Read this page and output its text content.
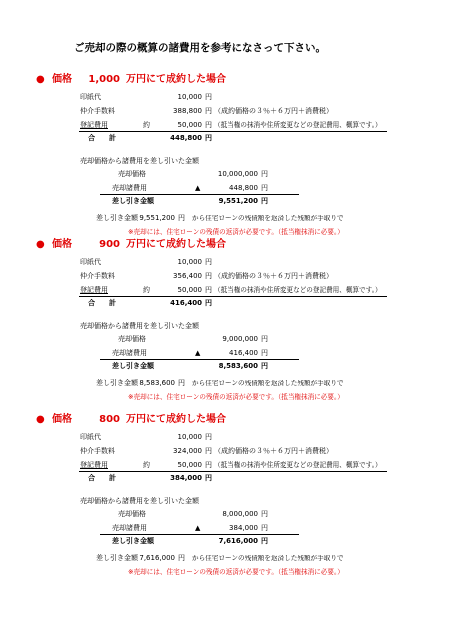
ご売却の際の概算の諸費用を参考になさって下さい。
● 価格	1,000 万円にて成約した場合
印紙代	10,000 円
仲介手数料	388,800 円 （成約価格の３％＋６万円＋消費税）
登記費用	約	50,000 円 （抵当権の抹消や住所変更などの登記費用、概算です。）
合　　計	448,800 円
売却価格から諸費用を差し引いた金額
売却価格	10,000,000 円
売却諸費用	▲	448,800 円
差し引き金額	9,551,200 円
差し引き金額 9,551,200 円 から住宅ローンの残債額を返済した残額が手取りで
※売却には、住宅ローンの残債の返済が必要です。（抵当権抹消に必要。）
● 価格	900 万円にて成約した場合
印紙代	10,000 円
仲介手数料	356,400 円 （成約価格の３％＋６万円＋消費税）
登記費用	約	50,000 円 （抵当権の抹消や住所変更などの登記費用、概算です。）
合　　計	416,400 円
売却価格から諸費用を差し引いた金額
売却価格	9,000,000 円
売却諸費用	▲	416,400 円
差し引き金額	8,583,600 円
差し引き金額 8,583,600 円 から住宅ローンの残債額を返済した残額が手取りで
※売却には、住宅ローンの残債の返済が必要です。（抵当権抹消に必要。）
● 価格	800 万円にて成約した場合
印紙代	10,000 円
仲介手数料	324,000 円 （成約価格の３％＋６万円＋消費税）
登記費用	約	50,000 円 （抵当権の抹消や住所変更などの登記費用、概算です。）
合　　計	384,000 円
売却価格から諸費用を差し引いた金額
売却価格	8,000,000 円
売却諸費用	▲	384,000 円
差し引き金額	7,616,000 円
差し引き金額 7,616,000 円 から住宅ローンの残債額を返済した残額が手取りで
※売却には、住宅ローンの残債の返済が必要です。（抵当権抹消に必要。）
